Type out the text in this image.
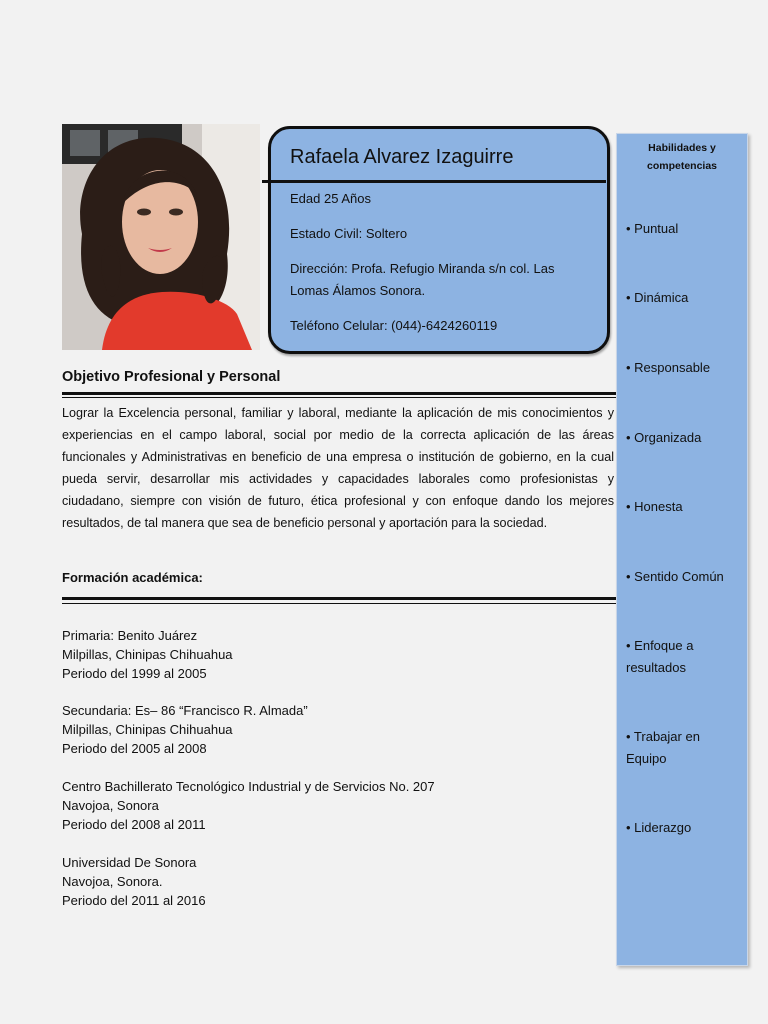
Rafaela Alvarez Izaguirre
Edad 25 Años
Estado Civil: Soltero
Dirección: Profa. Refugio Miranda s/n col. Las
Lomas Álamos Sonora.
Teléfono Celular: (044)-6424260119
Objetivo Profesional y Personal
Lograr la Excelencia personal, familiar y laboral, mediante la aplicación de mis conocimientos y experiencias en el campo laboral, social por medio de la correcta aplicación de las áreas funcionales y Administrativas en beneficio de una empresa o institución de gobierno, en la cual pueda servir, desarrollar mis actividades y capacidades laborales como profesionistas y ciudadano, siempre con visión de futuro, ética profesional y con enfoque dando los mejores resultados, de tal manera que sea de beneficio personal y aportación para la sociedad.
Formación académica:
Primaria: Benito Juárez
Milpillas, Chinipas Chihuahua
Periodo del 1999 al 2005
Secundaria: Es– 86 “Francisco R. Almada”
Milpillas, Chinipas Chihuahua
Periodo del 2005 al 2008
Centro Bachillerato Tecnológico Industrial y de Servicios No. 207
Navojoa, Sonora
Periodo del 2008 al 2011
Universidad De Sonora
Navojoa, Sonora.
Periodo del 2011 al 2016
Habilidades y
competencias
• Puntual
• Dinámica
• Responsable
• Organizada
• Honesta
• Sentido Común
• Enfoque a
resultados
• Trabajar en
Equipo
• Liderazgo
